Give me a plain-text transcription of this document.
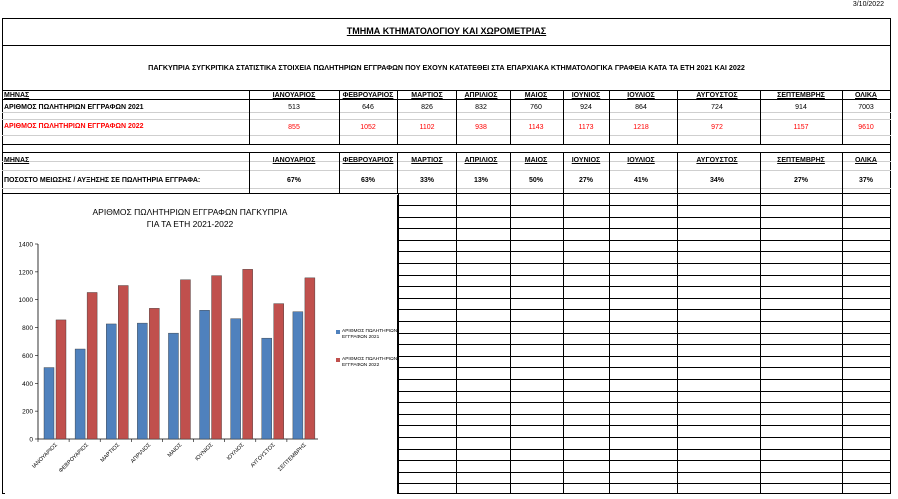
3/10/2022
ΤΜΗΜΑ ΚΤΗΜΑΤΟΛΟΓΙΟΥ ΚΑΙ ΧΩΡΟΜΕΤΡΙΑΣ
ΠΑΓΚΥΠΡΙΑ ΣΥΓΚΡΙΤΙΚΑ ΣΤΑΤΙΣΤΙΚΑ ΣΤΟΙΧΕΙΑ ΠΩΛΗΤΗΡΙΩΝ ΕΓΓΡΑΦΩΝ ΠΟΥ ΕΧΟΥΝ ΚΑΤΑΤΕΘΕΙ ΣΤΑ ΕΠΑΡΧΙΑΚΑ ΚΤΗΜΑΤΟΛΟΓΙΚΑ ΓΡΑΦΕΙΑ ΚΑΤΑ ΤΑ ΕΤΗ 2021 ΚΑΙ 2022
ΜΗΝΑΣ
ΑΡΙΘΜΟΣ ΠΩΛΗΤΗΡΙΩΝ ΕΓΓΡΑΦΩΝ 2021
ΑΡΙΘΜΟΣ ΠΩΛΗΤΗΡΙΩΝ ΕΓΓΡΑΦΩΝ 2022
ΜΗΝΑΣ
ΠΟΣΟΣΤΟ ΜΕΙΩΣΗΣ / ΑΥΞΗΣΗΣ ΣΕ ΠΩΛΗΤΗΡΙΑ ΕΓΓΡΑΦΑ:
ΙΑΝΟΥΑΡΙΟΣ
513
855
ΙΑΝΟΥΑΡΙΟΣ
67%
ΦΕΒΡΟΥΑΡΙΟΣ
646
1052
ΦΕΒΡΟΥΑΡΙΟΣ
63%
ΜΑΡΤΙΟΣ
826
1102
ΜΑΡΤΙΟΣ
33%
ΑΠΡΙΛΙΟΣ
832
938
ΑΠΡΙΛΙΟΣ
13%
ΜΑΙΟΣ
760
1143
ΜΑΙΟΣ
50%
ΙΟΥΝΙΟΣ
924
1173
ΙΟΥΝΙΟΣ
27%
ΙΟΥΛΙΟΣ
864
1218
ΙΟΥΛΙΟΣ
41%
ΑΥΓΟΥΣΤΟΣ
724
972
ΑΥΓΟΥΣΤΟΣ
34%
ΣΕΠΤΕΜΒΡΗΣ
914
1157
ΣΕΠΤΕΜΒΡΗΣ
27%
ΟΛΙΚΑ
7003
9610
ΟΛΙΚΑ
37%
ΑΡΙΘΜΟΣ ΠΩΛΗΤΗΡΙΩΝ ΕΓΓΡΑΦΩΝ ΠΑΓΚΥΠΡΙΑ
ΓΙΑ ΤΑ ΕΤΗ 2021-2022
0
200
400
600
800
1000
1200
1400
ΙΑΝΟΥΑΡΙΟΣ ΦΕΒΡΟΥΑΡΙΟΣ ΜΑΡΤΙΟΣ ΑΠΡΙΛΙΟΣ	ΜΑΙΟΣ ΙΟΥΝΙΟΣ ΙΟΥΛΙΟΣ ΑΥΓΟΥΣΤΟΣ ΣΕΠΤΕΜΒΡΗΣ
ΑΡΙΘΜΟΣ ΠΩΛΗΤΗΡΙΩΝ ΕΓΓΡΑΦΩΝ 2021
ΑΡΙΘΜΟΣ ΠΩΛΗΤΗΡΙΩΝ ΕΓΓΡΑΦΩΝ 2022
